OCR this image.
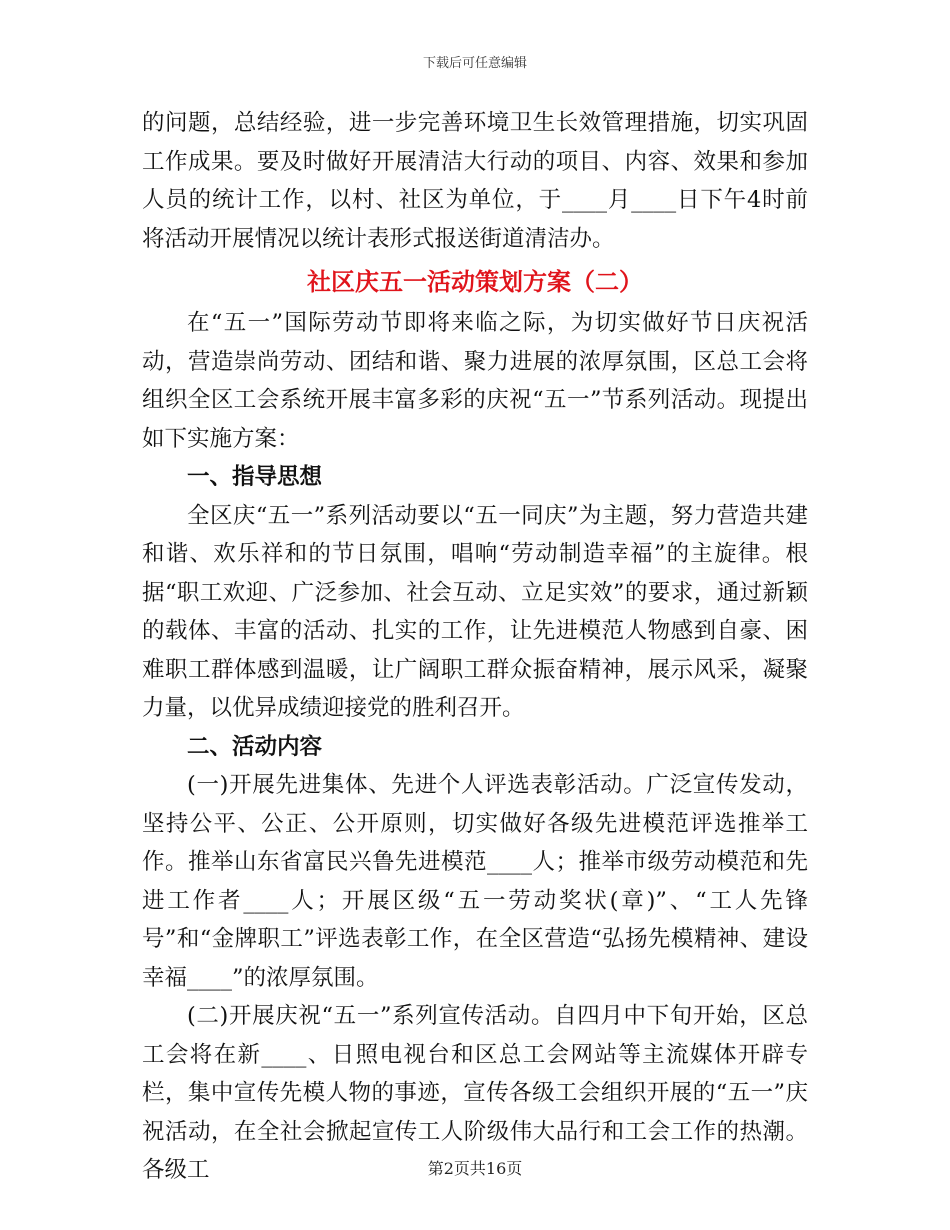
下载后可任意编辑

的问题，总结经验，进一步完善环境卫生长效管理措施，切实巩固工作成果。要及时做好开展清洁大行动的项目、内容、效果和参加人员的统计工作，以村、社区为单位，于____月____日下午4时前将活动开展情况以统计表形式报送街道清洁办。

社区庆五一活动策划方案（二）

在“五一”国际劳动节即将来临之际，为切实做好节日庆祝活动，营造崇尚劳动、团结和谐、聚力进展的浓厚氛围，区总工会将组织全区工会系统开展丰富多彩的庆祝“五一”节系列活动。现提出如下实施方案：

一、指导思想

全区庆“五一”系列活动要以“五一同庆”为主题，努力营造共建和谐、欢乐祥和的节日氛围，唱响“劳动制造幸福”的主旋律。根据“职工欢迎、广泛参加、社会互动、立足实效”的要求，通过新颖的载体、丰富的活动、扎实的工作，让先进模范人物感到自豪、困难职工群体感到温暖，让广阔职工群众振奋精神，展示风采，凝聚力量，以优异成绩迎接党的胜利召开。

二、活动内容

(一)开展先进集体、先进个人评选表彰活动。广泛宣传发动，坚持公平、公正、公开原则，切实做好各级先进模范评选推举工作。推举山东省富民兴鲁先进模范____人；推举市级劳动模范和先进工作者____人；开展区级“五一劳动奖状(章)”、“工人先锋号”和“金牌职工”评选表彰工作，在全区营造“弘扬先模精神、建设幸福____”的浓厚氛围。

(二)开展庆祝“五一”系列宣传活动。自四月中下旬开始，区总工会将在新____、日照电视台和区总工会网站等主流媒体开辟专栏，集中宣传先模人物的事迹，宣传各级工会组织开展的“五一”庆祝活动，在全社会掀起宣传工人阶级伟大品行和工会工作的热潮。各级工	第2页共16页
